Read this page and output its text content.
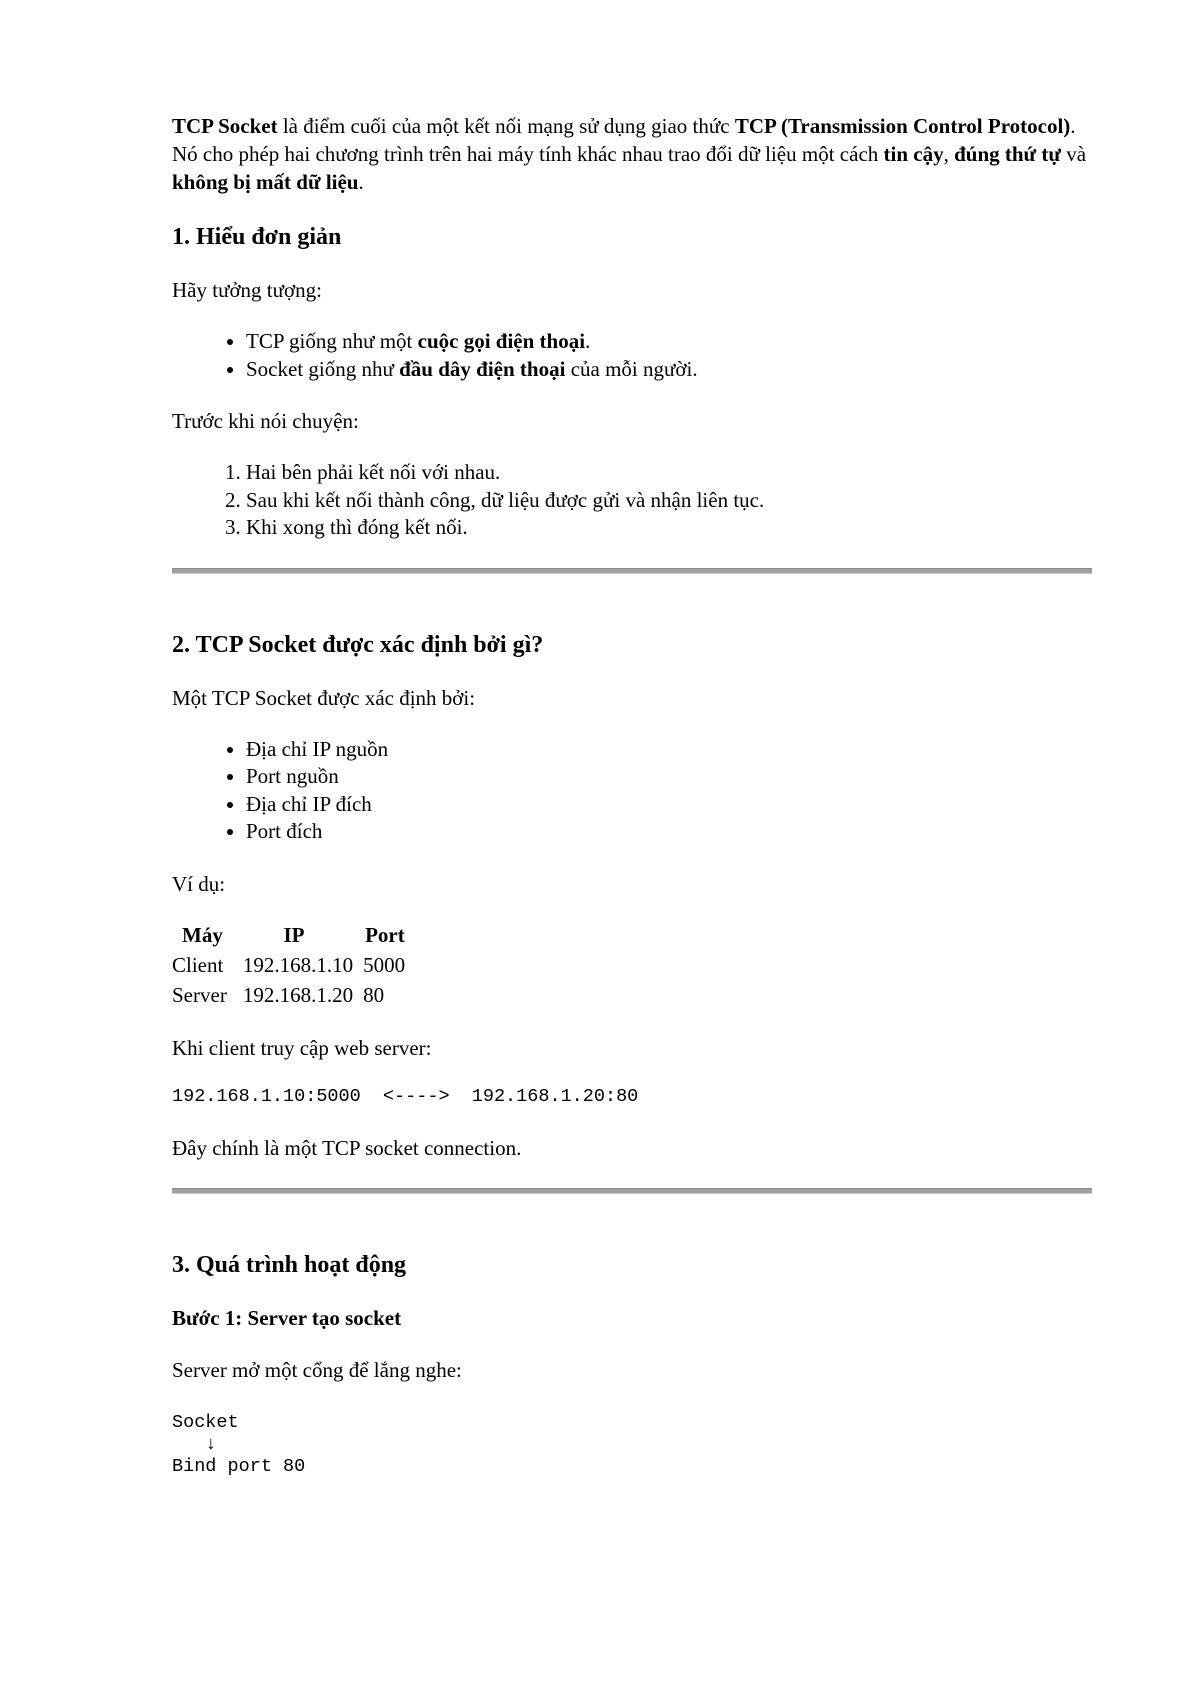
TCP Socket là điểm cuối của một kết nối mạng sử dụng giao thức TCP (Transmission Control Protocol). Nó cho phép hai chương trình trên hai máy tính khác nhau trao đổi dữ liệu một cách tin cậy, đúng thứ tự và không bị mất dữ liệu.

1. Hiểu đơn giản

Hãy tưởng tượng:

• TCP giống như một cuộc gọi điện thoại.
• Socket giống như đầu dây điện thoại của mỗi người.

Trước khi nói chuyện:

1. Hai bên phải kết nối với nhau.
2. Sau khi kết nối thành công, dữ liệu được gửi và nhận liên tục.
3. Khi xong thì đóng kết nối.
2. TCP Socket được xác định bởi gì?

Một TCP Socket được xác định bởi:

• Địa chỉ IP nguồn
• Port nguồn
• Địa chỉ IP đích
• Port đích

Ví dụ:

Máy	IP	Port
Client	192.168.1.10	5000
Server	192.168.1.20	80

Khi client truy cập web server:

192.168.1.10:5000  <---->  192.168.1.20:80

Đây chính là một TCP socket connection.

3. Quá trình hoạt động
Bước 1: Server tạo socket

Server mở một cổng để lắng nghe:

Socket
↓
Bind port 80
